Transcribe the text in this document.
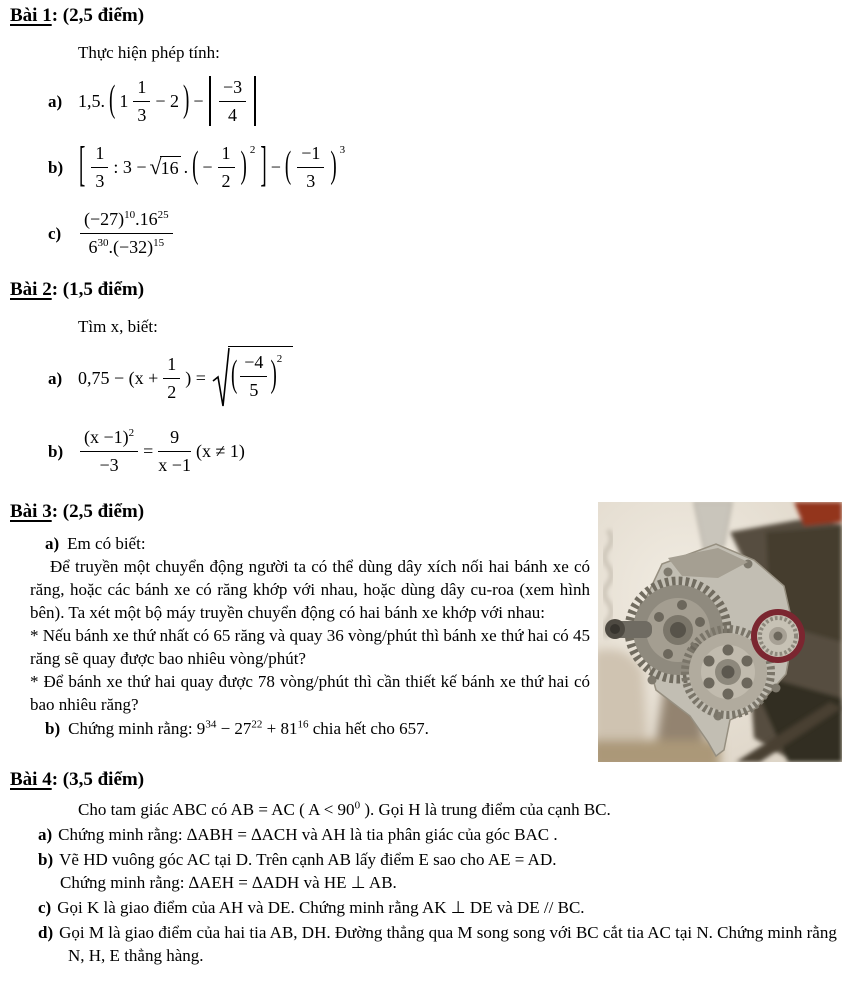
Bài 1: (2,5 điểm)

Thực hiện phép tính:

a) 1,5. ( $1 \frac{1}{3} - 2$ ) − $\frac{-3}{4}$
b) [ $\frac{1}{3}$ : 3 − √ 16 . ( − $\frac{1}{2}$ ) $^2$ ] − ( $\frac{-1}{3}$ ) $^3$
c)	$\frac{(-27)^{10}.16^{25}}{6^{30}.(-32)^{15}}$
Bài 2: (1,5 điểm)

Tìm x, biết:

a) $0,75 - (x + \frac{1}{2}$ ) = ( $\frac{-4}{5} )^2$
$b) \frac{(x -1)^2}{-3} = \frac{9}{x -1} (x \ne 1)$
Bài 3: (2,5 điểm)

a) Em có biết:

Để truyền một chuyển động người ta có thể dùng dây xích nối hai bánh xe có răng, hoặc các bánh xe có răng khớp với nhau, hoặc dùng dây cu-roa (xem hình bên). Ta xét một bộ máy truyền chuyển động có hai bánh xe khớp với nhau:

* Nếu bánh xe thứ nhất có 65 răng và quay 36 vòng/phút thì bánh xe thứ hai có 45 răng sẽ quay được bao nhiêu vòng/phút?

* Để bánh xe thứ hai quay được 78 vòng/phút thì cần thiết kế bánh xe thứ hai có bao nhiêu răng?

b) Chứng minh rằng: $9^{34} - 27^{22} + 81^{16}$ chia hết cho 657.

Bài 4: (3,5 điểm)

Cho tam giác ABC có AB = AC ( $A < 90^0$ ). Gọi H là trung điểm của cạnh BC.

a) Chứng minh rằng: ∆ABH = ∆ACH và AH là tia phân giác của góc BAC .

b) Vẽ HD vuông góc AC tại D. Trên cạnh AB lấy điểm E sao cho AE = AD.
Chứng minh rằng: ∆AEH = ∆ADH và HE ⊥ AB.

c) Gọi K là giao điểm của AH và DE. Chứng minh rằng AK ⊥ DE và DE // BC.

d) Gọi M là giao điểm của hai tia AB, DH. Đường thẳng qua M song song với BC cắt tia AC tại N. Chứng minh rằng N, H, E thẳng hàng.
